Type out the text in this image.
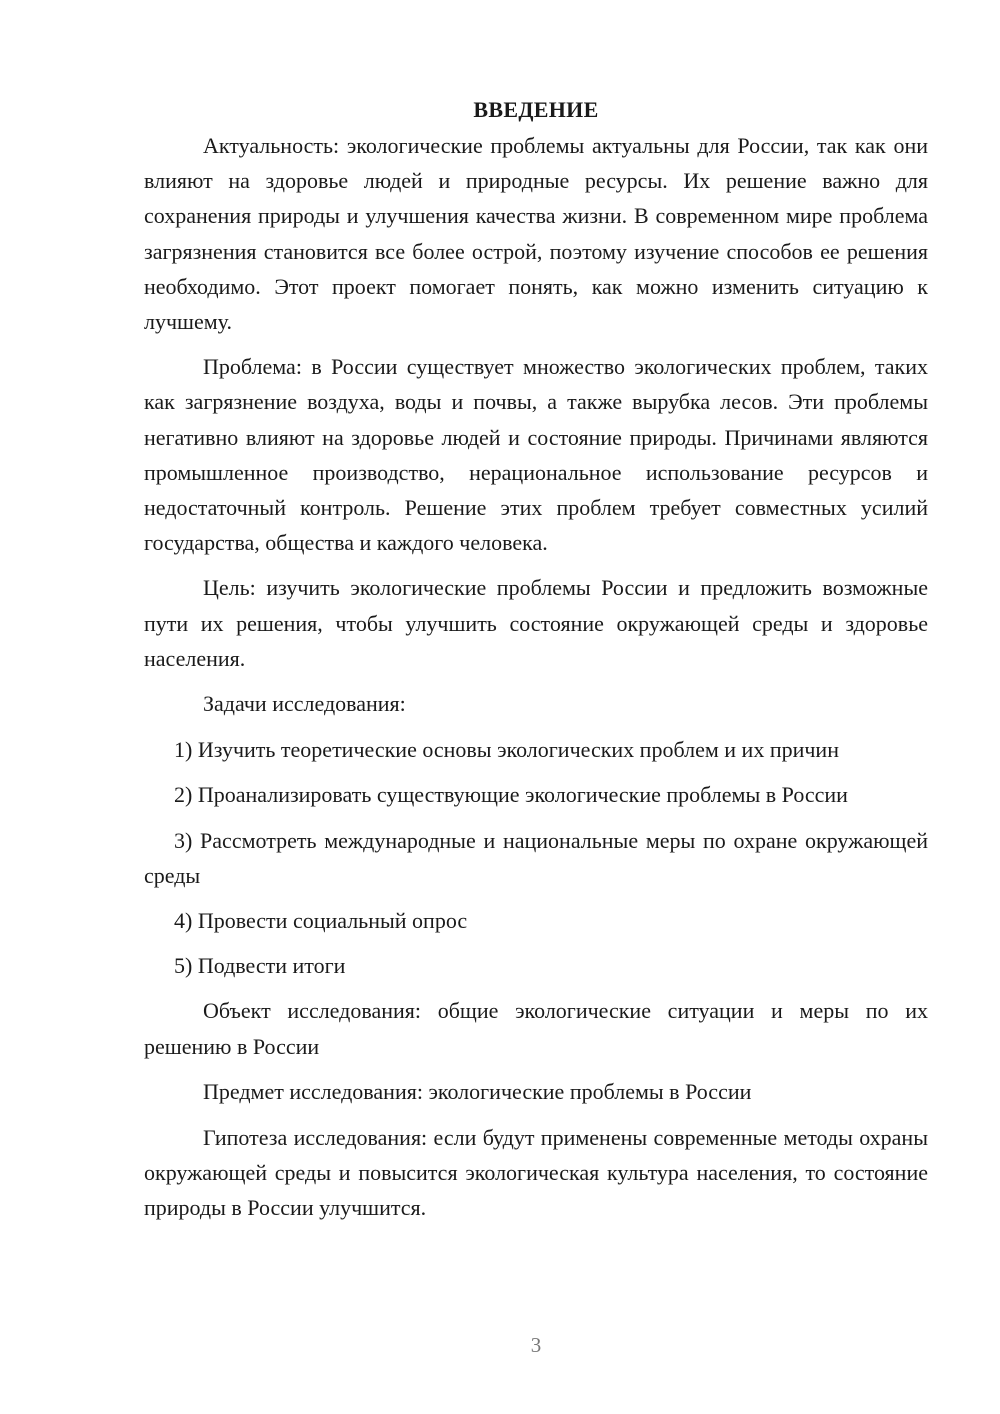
ВВЕДЕНИЕ

Актуальность: экологические проблемы актуальны для России, так как они влияют на здоровье людей и природные ресурсы. Их решение важно для сохранения природы и улучшения качества жизни. В современном мире проблема загрязнения становится все более острой, поэтому изучение способов ее решения необходимо. Этот проект помогает понять, как можно изменить ситуацию к лучшему.

Проблема: в России существует множество экологических проблем, таких как загрязнение воздуха, воды и почвы, а также вырубка лесов. Эти проблемы негативно влияют на здоровье людей и состояние природы. Причинами являются промышленное производство, нерациональное использование ресурсов и недостаточный контроль. Решение этих проблем требует совместных усилий государства, общества и каждого человека.

Цель: изучить экологические проблемы России и предложить возможные пути их решения, чтобы улучшить состояние окружающей среды и здоровье населения.

Задачи исследования:

1) Изучить теоретические основы экологических проблем и их причин

2) Проанализировать существующие экологические проблемы в России

3) Рассмотреть международные и национальные меры по охране окружающей среды

4) Провести социальный опрос

5) Подвести итоги

Объект исследования: общие экологические ситуации и меры по их решению в России

Предмет исследования: экологические проблемы в России

Гипотеза исследования: если будут применены современные методы охраны окружающей среды и повысится экологическая культура населения, то состояние природы в России улучшится.

3
